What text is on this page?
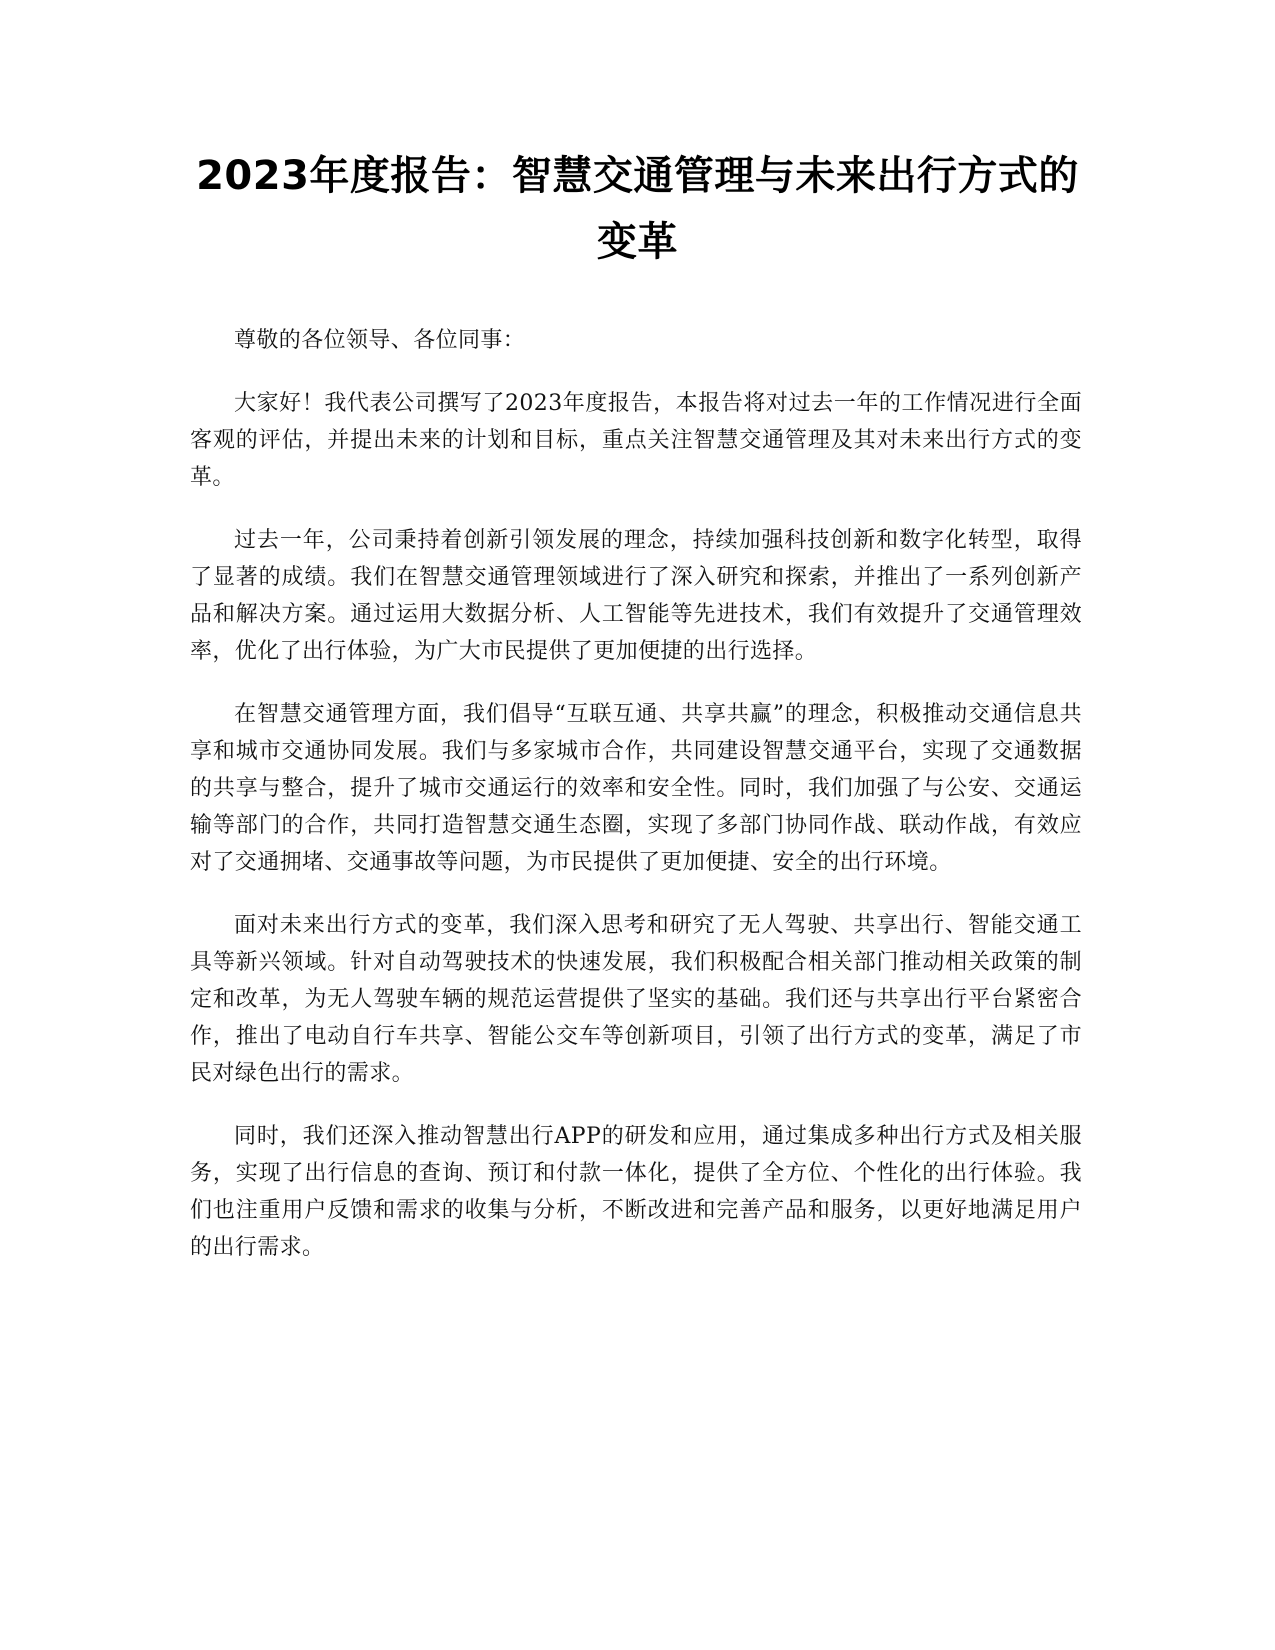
2023年度报告：智慧交通管理与未来出行方式的变革

尊敬的各位领导、各位同事：

大家好！我代表公司撰写了2023年度报告，本报告将对过去一年的工作情况进行全面客观的评估，并提出未来的计划和目标，重点关注智慧交通管理及其对未来出行方式的变革。

过去一年，公司秉持着创新引领发展的理念，持续加强科技创新和数字化转型，取得了显著的成绩。我们在智慧交通管理领域进行了深入研究和探索，并推出了一系列创新产品和解决方案。通过运用大数据分析、人工智能等先进技术，我们有效提升了交通管理效率，优化了出行体验，为广大市民提供了更加便捷的出行选择。

在智慧交通管理方面，我们倡导“互联互通、共享共赢”的理念，积极推动交通信息共享和城市交通协同发展。我们与多家城市合作，共同建设智慧交通平台，实现了交通数据的共享与整合，提升了城市交通运行的效率和安全性。同时，我们加强了与公安、交通运输等部门的合作，共同打造智慧交通生态圈，实现了多部门协同作战、联动作战，有效应对了交通拥堵、交通事故等问题，为市民提供了更加便捷、安全的出行环境。

面对未来出行方式的变革，我们深入思考和研究了无人驾驶、共享出行、智能交通工具等新兴领域。针对自动驾驶技术的快速发展，我们积极配合相关部门推动相关政策的制定和改革，为无人驾驶车辆的规范运营提供了坚实的基础。我们还与共享出行平台紧密合作，推出了电动自行车共享、智能公交车等创新项目，引领了出行方式的变革，满足了市民对绿色出行的需求。

同时，我们还深入推动智慧出行APP的研发和应用，通过集成多种出行方式及相关服务，实现了出行信息的查询、预订和付款一体化，提供了全方位、个性化的出行体验。我们也注重用户反馈和需求的收集与分析，不断改进和完善产品和服务，以更好地满足用户的出行需求。
